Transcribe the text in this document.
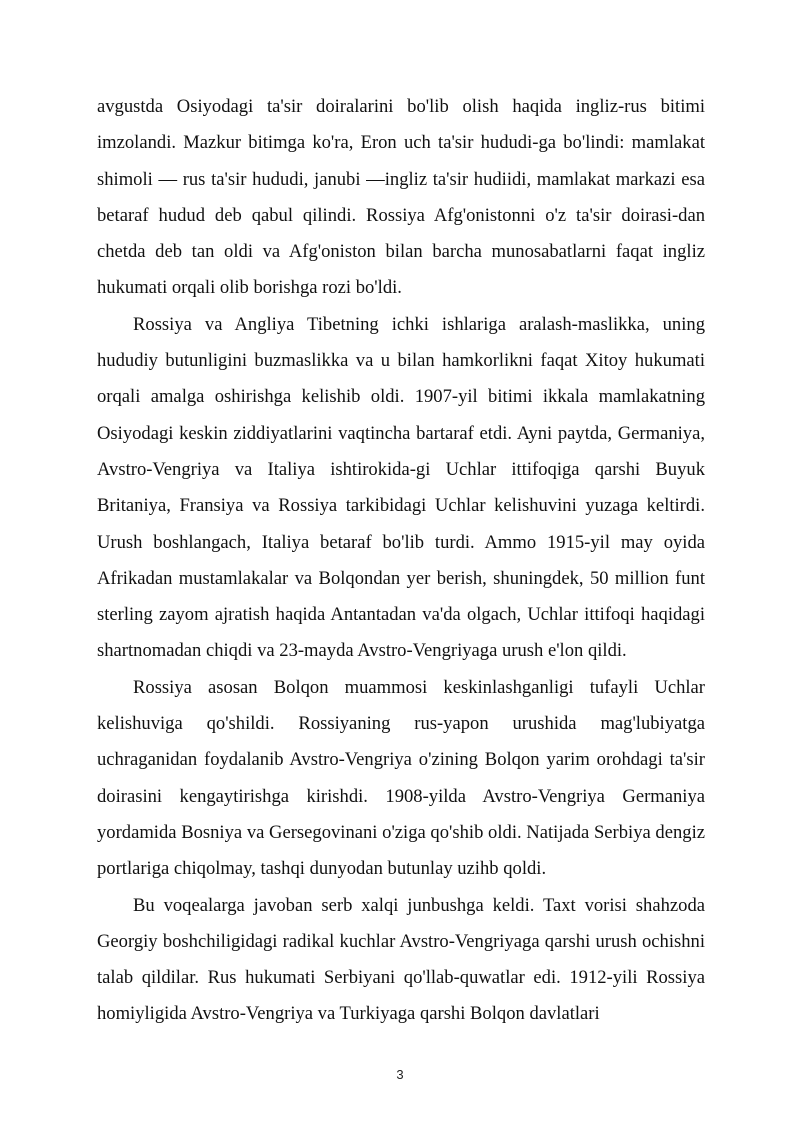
avgustda Osiyodagi ta'sir doiralarini bo'lib olish haqida ingliz-rus bitimi imzolandi. Mazkur bitimga ko'ra, Eron uch ta'sir hududi-ga bo'lindi: mamlakat shimoli — rus ta'sir hududi, janubi —ingliz ta'sir hudiidi, mamlakat markazi esa betaraf hudud deb qabul qilindi. Rossiya Afg'onistonni o'z ta'sir doirasi-dan chetda deb tan oldi va Afg'oniston bilan barcha munosabatlarni faqat ingliz hukumati orqali olib borishga rozi bo'ldi.

Rossiya va Angliya Tibetning ichki ishlariga aralash-maslikka, uning hududiy butunligini buzmaslikka va u bilan hamkorlikni faqat Xitoy hukumati orqali amalga oshirishga kelishib oldi. 1907-yil bitimi ikkala mamlakatning Osiyodagi keskin ziddiyatlarini vaqtincha bartaraf etdi. Ayni paytda, Germaniya, Avstro-Vengriya va Italiya ishtirokida-gi Uchlar ittifoqiga qarshi Buyuk Britaniya, Fransiya va Rossiya tarkibidagi Uchlar kelishuvini yuzaga keltirdi. Urush boshlangach, Italiya betaraf bo'lib turdi. Ammo 1915-yil may oyida Afrikadan mustamlakalar va Bolqondan yer berish, shuningdek, 50 million funt sterling zayom ajratish haqida Antantadan va'da olgach, Uchlar ittifoqi haqidagi shartnomadan chiqdi va 23-mayda Avstro-Vengriyaga urush e'lon qildi.

Rossiya asosan Bolqon muammosi keskinlashganligi tufayli Uchlar kelishuviga qo'shildi. Rossiyaning rus-yapon urushida mag'lubiyatga uchraganidan foydalanib Avstro-Vengriya o'zining Bolqon yarim orohdagi ta'sir doirasini kengaytirishga kirishdi. 1908-yilda Avstro-Vengriya Germaniya yordamida Bosniya va Gersegovinani o'ziga qo'shib oldi. Natijada Serbiya dengiz portlariga chiqolmay, tashqi dunyodan butunlay uzihb qoldi.

Bu voqealarga javoban serb xalqi junbushga keldi. Taxt vorisi shahzoda Georgiy boshchiligidagi radikal kuchlar Avstro-Vengriyaga qarshi urush ochishni talab qildilar. Rus hukumati Serbiyani qo'llab-quwatlar edi. 1912-yili Rossiya homiyligida Avstro-Vengriya va Turkiyaga qarshi Bolqon davlatlari

3
